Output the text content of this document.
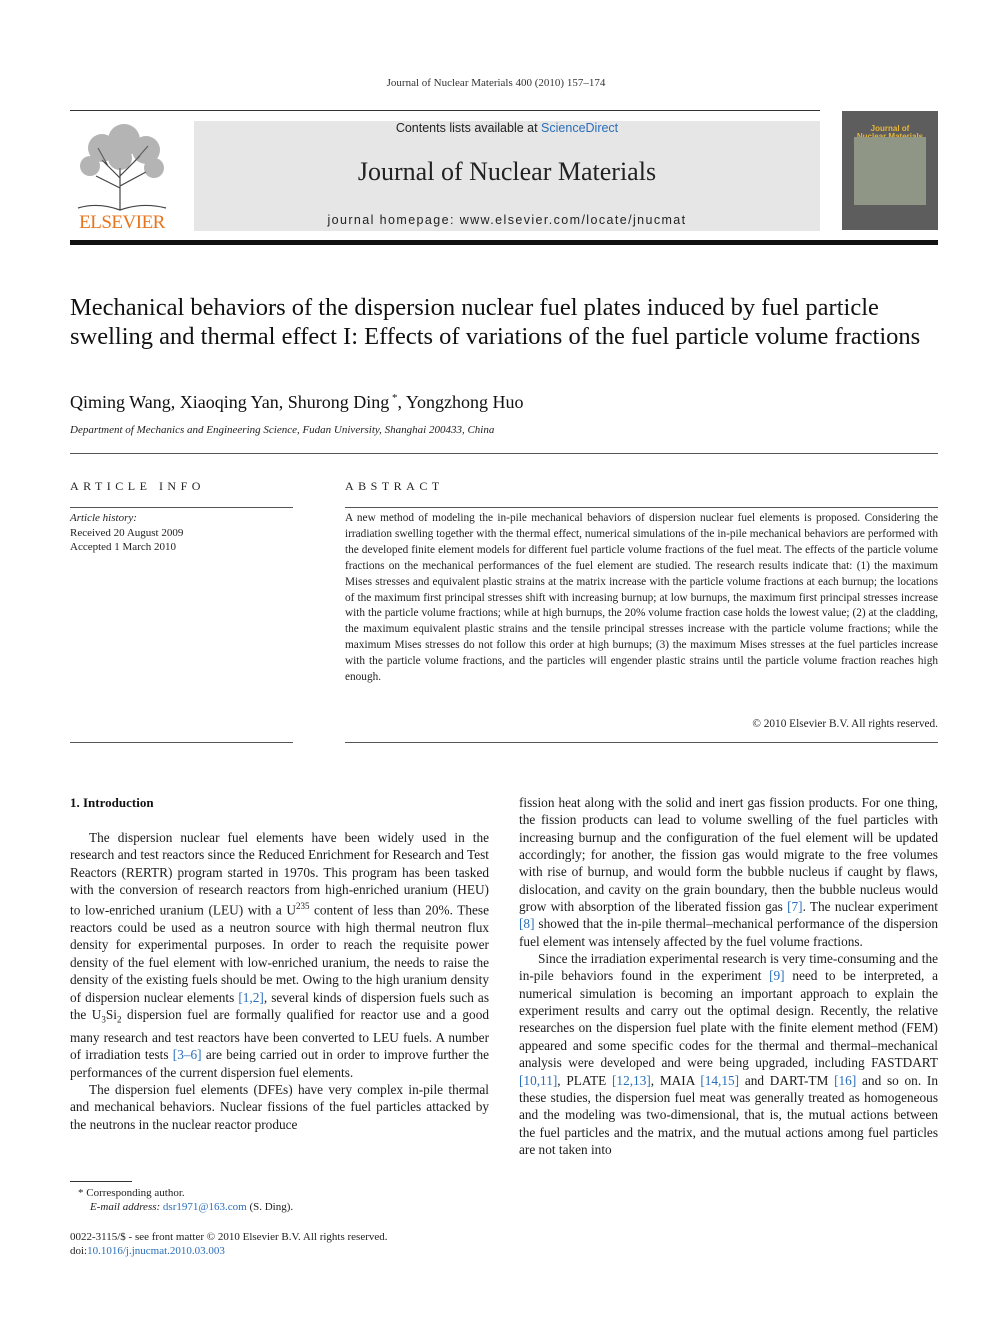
Journal of Nuclear Materials 400 (2010) 157–174
ELSEVIER
Contents lists available at ScienceDirect
Journal of Nuclear Materials
journal homepage: www.elsevier.com/locate/jnucmat
Journal of
Mechanical behaviors of the dispersion nuclear fuel plates induced by fuel particle swelling and thermal effect I: Effects of variations of the fuel particle volume fractions
Qiming Wang, Xiaoqing Yan, Shurong Ding *, Yongzhong Huo
Department of Mechanics and Engineering Science, Fudan University, Shanghai 200433, China
ARTICLE INFO	ABSTRACT
Article history:
Received 20 August 2009
Accepted 1 March 2010
A new method of modeling the in-pile mechanical behaviors of dispersion nuclear fuel elements is proposed. Considering the irradiation swelling together with the thermal effect, numerical simulations of the in-pile mechanical behaviors are performed with the developed finite element models for different fuel particle volume fractions of the fuel meat. The effects of the particle volume fractions on the mechanical performances of the fuel element are studied. The research results indicate that: (1) the maximum Mises stresses and equivalent plastic strains at the matrix increase with the particle volume fractions at each burnup; the locations of the maximum first principal stresses shift with increasing burnup; at low burnups, the maximum first principal stresses increase with the particle volume fractions; while at high burnups, the 20% volume fraction case holds the lowest value; (2) at the cladding, the maximum equivalent plastic strains and the tensile principal stresses increase with the particle volume fractions; while the maximum Mises stresses do not follow this order at high burnups; (3) the maximum Mises stresses at the fuel particles increase with the particle volume fractions, and the particles will engender plastic strains until the particle volume fraction reaches high enough.
© 2010 Elsevier B.V. All rights reserved.
1. Introduction

The dispersion nuclear fuel elements have been widely used in the research and test reactors since the Reduced Enrichment for Research and Test Reactors (RERTR) program started in 1970s. This program has been tasked with the conversion of research reactors from high-enriched uranium (HEU) to low-enriched uranium (LEU) with a $U^{235}$ content of less than 20%. These reactors could be used as a neutron source with high thermal neutron flux density for experimental purposes. In order to reach the requisite power density of the fuel element with low-enriched uranium, the needs to raise the density of the existing fuels should be met. Owing to the high uranium density of dispersion nuclear elements [1,2], several kinds of dispersion fuels such as the $U_3Si_2$ dispersion fuel are formally qualified for reactor use and a good many research and test reactors have been converted to LEU fuels. A number of irradiation tests [3–6] are being carried out in order to improve further the performances of the current dispersion fuel elements.

The dispersion fuel elements (DFEs) have very complex in-pile thermal and mechanical behaviors. Nuclear fissions of the fuel particles attacked by the neutrons in the nuclear reactor produce

fission heat along with the solid and inert gas fission products. For one thing, the fission products can lead to volume swelling of the fuel particles with increasing burnup and the configuration of the fuel element will be updated accordingly; for another, the fission gas would migrate to the free volumes with rise of burnup, and would form the bubble nucleus if caught by flaws, dislocation, and cavity on the grain boundary, then the bubble nucleus would grow with absorption of the liberated fission gas [7]. The nuclear experiment [8] showed that the in-pile thermal–mechanical performance of the dispersion fuel element was intensely affected by the fuel volume fractions.

Since the irradiation experimental research is very time-consuming and the in-pile behaviors found in the experiment [9] need to be interpreted, a numerical simulation is becoming an important approach to explain the experiment results and carry out the optimal design. Recently, the relative researches on the dispersion fuel plate with the finite element method (FEM) appeared and some specific codes for the thermal and thermal–mechanical analysis were developed and were being upgraded, including FASTDART [10,11], PLATE [12,13], MAIA [14,15] and DART-TM [16] and so on. In these studies, the dispersion fuel meat was generally treated as homogeneous and the modeling was two-dimensional, that is, the mutual actions between the fuel particles and the matrix, and the mutual actions among fuel particles are not taken into

* Corresponding author.
E-mail address: dsr1971@163.com (S. Ding).
0022-3115/$ - see front matter © 2010 Elsevier B.V. All rights reserved.
doi:10.1016/j.jnucmat.2010.03.003
